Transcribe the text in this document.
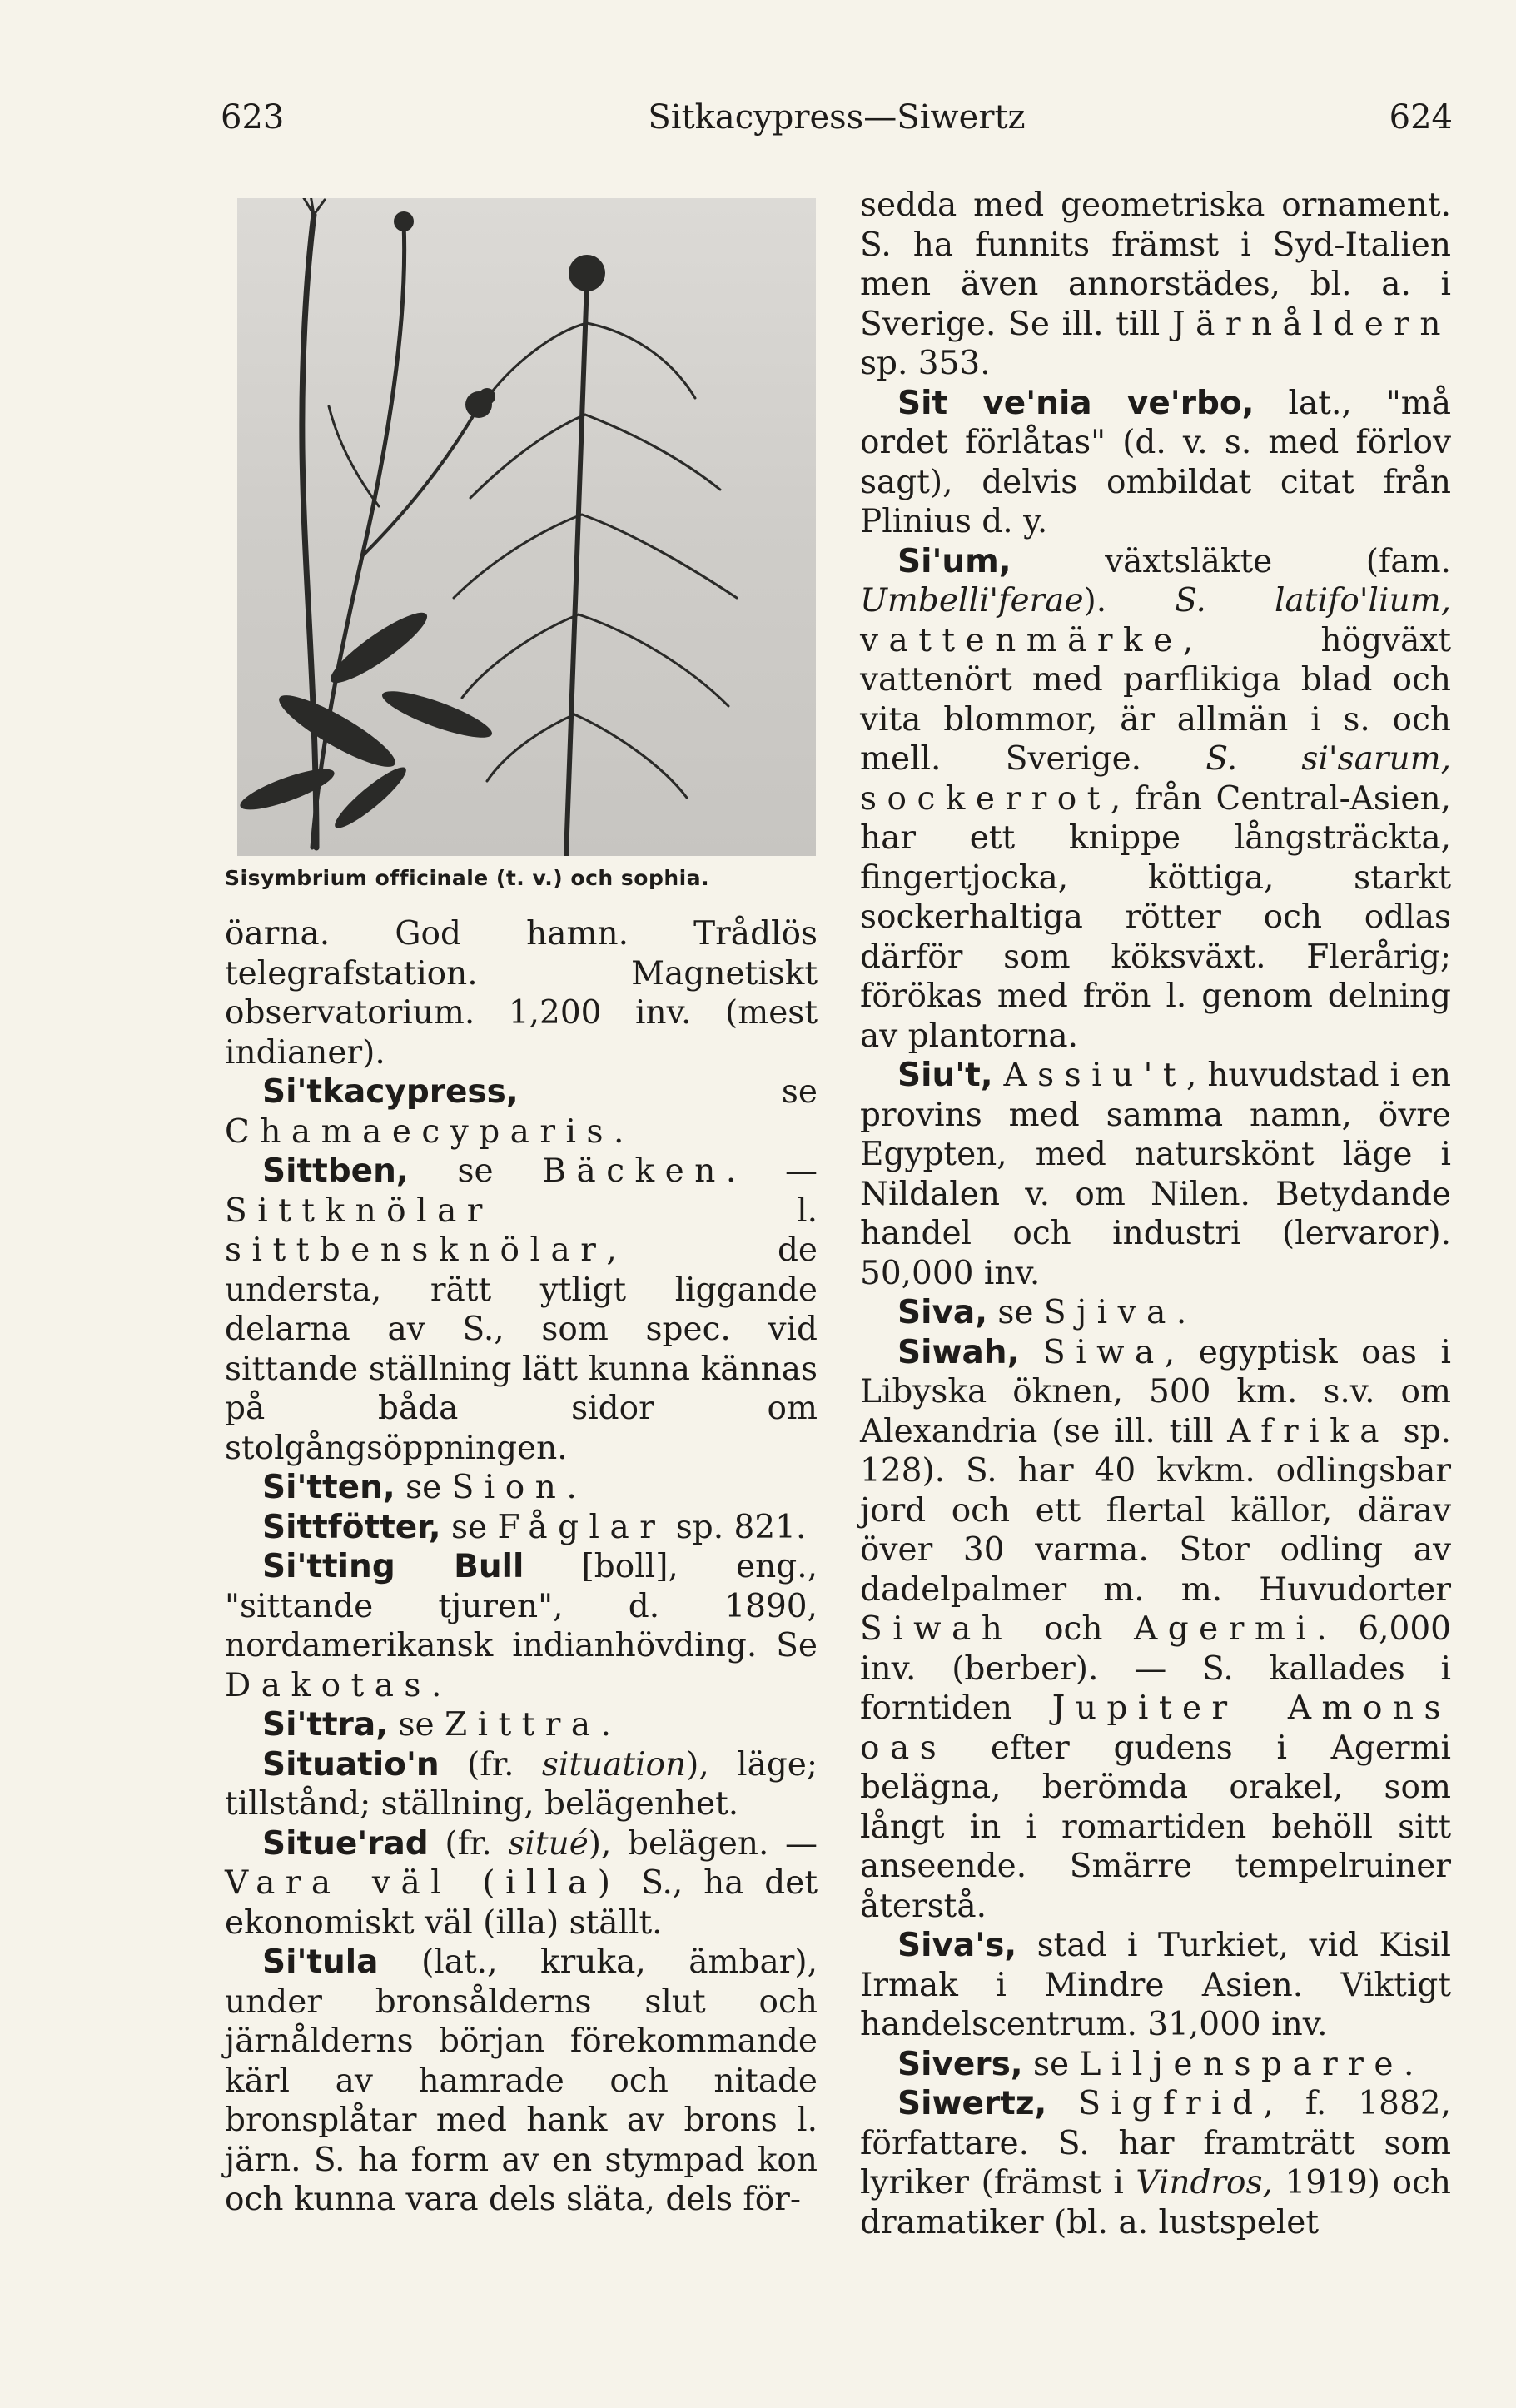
623	Sitkacypress—Siwertz	624
Sisymbrium officinale (t. v.) och sophia.

öarna. God hamn. Trådlös telegrafstation. Magnetiskt observatorium. 1,200 inv. (mest indianer).

Si'tkacypress, se Chamaecyparis.

Sittben, se Bäcken. — Sittknölar l. sittbensknölar, de understa, rätt ytligt liggande delarna av S., som spec. vid sittande ställning lätt kunna kännas på båda sidor om stolgångsöppningen.

Si'tten, se Sion.

Sittfötter, se Fåglar sp. 821.

Si'tting Bull [boll], eng., "sittande tjuren", d. 1890, nordamerikansk indianhövding. Se Dakotas.

Si'ttra, se Zittra.

Situatio'n (fr. situation), läge; tillstånd; ställning, belägenhet.

Situe'rad (fr. situé), belägen. — Vara väl (illa) S., ha det ekonomiskt väl (illa) ställt.

Si'tula (lat., kruka, ämbar), under bronsålderns slut och järnålderns början förekommande kärl av hamrade och nitade bronsplåtar med hank av brons l. järn. S. ha form av en stympad kon och kunna vara dels släta, dels för-

sedda med geometriska ornament. S. ha funnits främst i Syd-Italien men även annorstädes, bl. a. i Sverige. Se ill. till Järnåldern sp. 353.

Sit ve'nia ve'rbo, lat., "må ordet förlåtas" (d. v. s. med förlov sagt), delvis ombildat citat från Plinius d. y.

Si'um, växtsläkte (fam. Umbelli'ferae). S. latifo'lium, vattenmärke, högväxt vattenört med parflikiga blad och vita blommor, är allmän i s. och mell. Sverige. S. si'sarum, sockerrot, från Central-Asien, har ett knippe långsträckta, fingertjocka, köttiga, starkt sockerhaltiga rötter och odlas därför som köksväxt. Flerårig; förökas med frön l. genom delning av plantorna.

Siu't, Assiu't, huvudstad i en provins med samma namn, övre Egypten, med naturskönt läge i Nildalen v. om Nilen. Betydande handel och industri (lervaror). 50,000 inv.

Siva, se Sjiva.

Siwah, Siwa, egyptisk oas i Libyska öknen, 500 km. s.v. om Alexandria (se ill. till Afrika sp. 128). S. har 40 kvkm. odlingsbar jord och ett flertal källor, därav över 30 varma. Stor odling av dadelpalmer m. m. Huvudorter Siwah och Agermi. 6,000 inv. (berber). — S. kallades i forntiden Jupiter Amons oas efter gudens i Agermi belägna, berömda orakel, som långt in i romartiden behöll sitt anseende. Smärre tempelruiner återstå.

Siva's, stad i Turkiet, vid Kisil Irmak i Mindre Asien. Viktigt handelscentrum. 31,000 inv.

Sivers, se Liljensparre.

Siwertz, Sigfrid, f. 1882, författare. S. har framträtt som lyriker (främst i Vindros, 1919) och dramatiker (bl. a. lustspelet
